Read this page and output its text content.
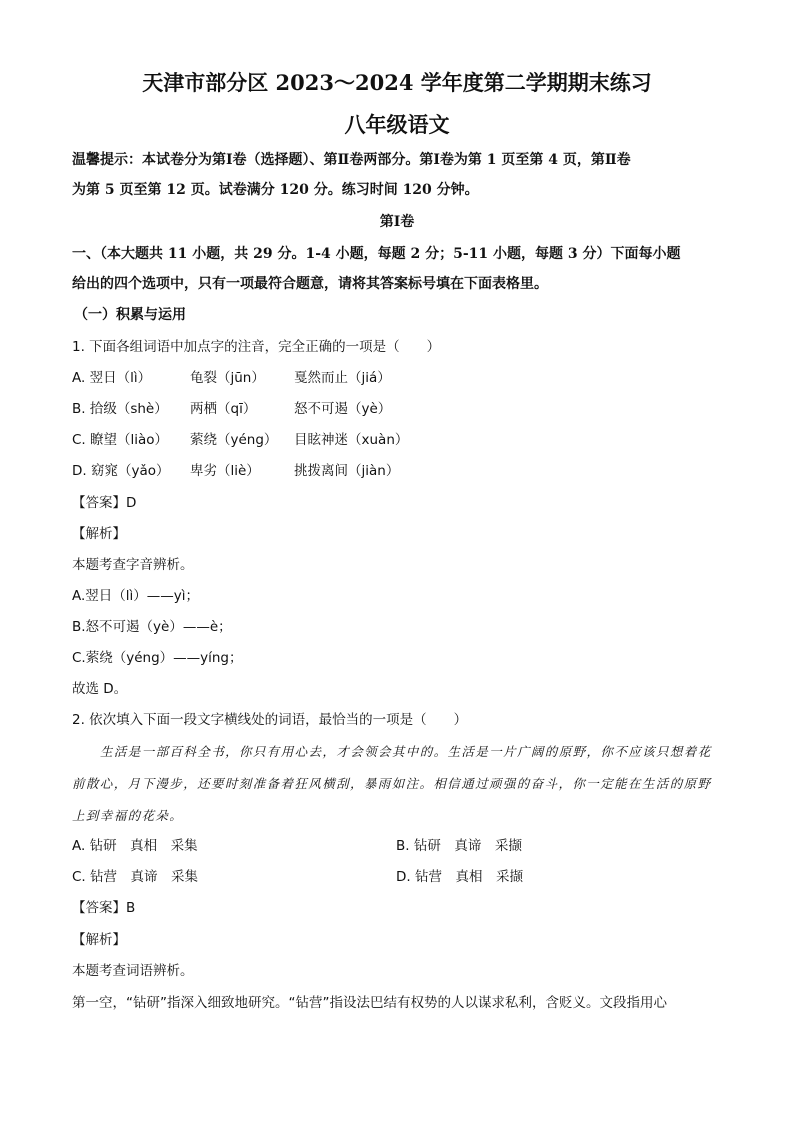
天津市部分区 2023～2024 学年度第二学期期末练习
八年级语文
温馨提示：本试卷分为第Ⅰ卷（选择题）、第Ⅱ卷两部分。第Ⅰ卷为第 1 页至第 4 页，第Ⅱ卷
为第 5 页至第 12 页。试卷满分 120 分。练习时间 120 分钟。
第Ⅰ卷
一、（本大题共 11 小题，共 29 分。1-4 小题，每题 2 分；5-11 小题，每题 3 分）下面每小题
给出的四个选项中，只有一项最符合题意，请将其答案标号填在下面表格里。
（一）积累与运用
1. 下面各组词语中加点字的注音，完全正确的一项是（　　）
A. 翌日（lì）	龟裂（jūn） 戛然而止（jiá）
B. 拾级（shè） 两栖（qī）	怒不可遏（yè）
C. 瞭望（liào） 萦绕（yéng） 目眩神迷（xuàn）
D. 窈窕（yǎo） 卑劣（liè）	挑拨离间（jiàn）
【答案】D
【解析】
本题考查字音辨析。
A.翌日（lì）——yì；
B.怒不可遏（yè）——è；
C.萦绕（yéng）——yíng；
故选 D。
2. 依次填入下面一段文字横线处的词语，最恰当的一项是（　　）
生活是一部百科全书，你只有用心去，才会领会其中的。生活是一片广阔的原野，你不应该只想着花
前散心，月下漫步，还要时刻准备着狂风横刮，暴雨如注。相信通过顽强的奋斗，你一定能在生活的原野
上到幸福的花朵。
A. 钻研　真相　采集	B. 钻研　真谛　采撷
C. 钻营　真谛　采集	D. 钻营　真相　采撷
【答案】B
【解析】
本题考查词语辨析。
第一空，“钻研”指深入细致地研究。“钻营”指设法巴结有权势的人以谋求私利，含贬义。文段指用心
